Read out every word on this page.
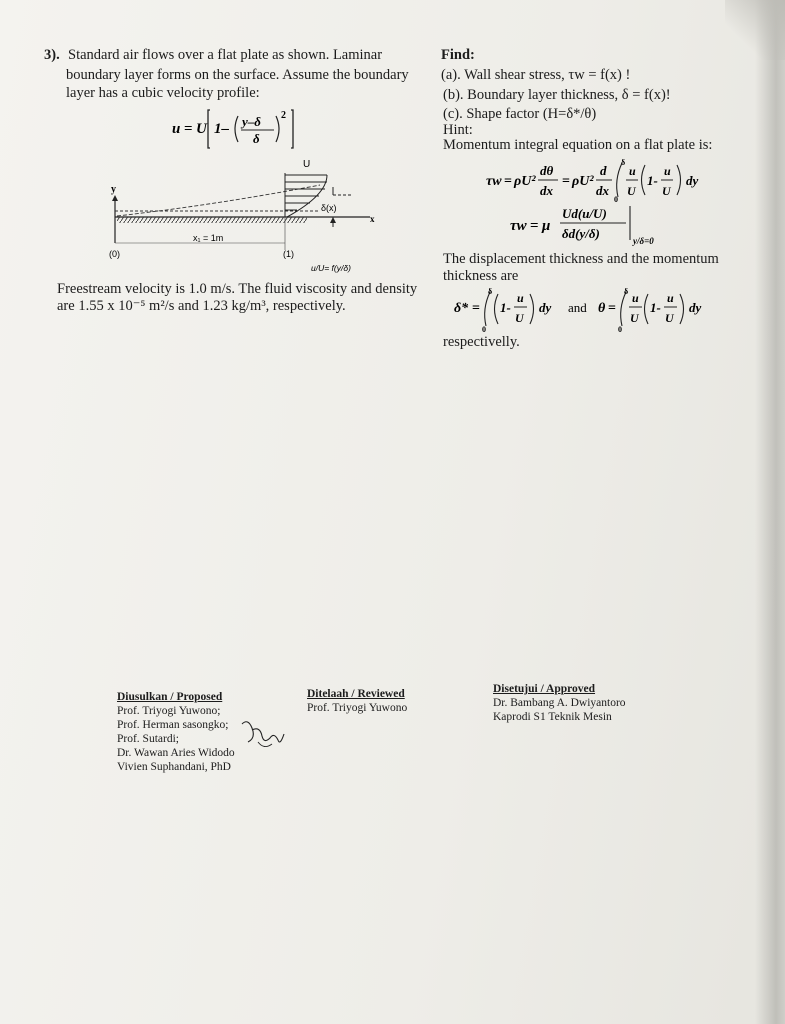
3). Standard air flows over a flat plate as shown. Laminar
boundary layer forms on the surface. Assume the boundary
layer has a cubic velocity profile:
u = U 1– y–δ
δ
2
U
y
δ(x)
x
x₁ = 1m
(0)	(1)
u/U= f(y/δ)
Freestream velocity is 1.0 m/s. The fluid viscosity and density
are 1.55 x 10⁻⁵ m²/s and 1.23 kg/m³, respectively.
Find:
(a). Wall shear stress, τw = f(x) !
(b). Boundary layer thickness, δ = f(x)!
(c). Shape factor (H=δ*/θ)
Hint:
Momentum integral equation on a flat plate is:
τw = ρU²
dθ
dx
= ρU²
d
dx
δ
0
u
U
1-
u
U
dy
τw = μ
Ud(u/U)
δd(y/δ)	y/δ=0
The displacement thickness and the momentum
thickness are
δ* =
δ
0
1-
u
U
dy and θ =
δ
0
u
U
1-
u
U
dy
respectivelly.
Diusulkan / Proposed
Prof. Triyogi Yuwono;
Prof. Herman sasongko;
Prof. Sutardi;
Dr. Wawan Aries Widodo
Vivien Suphandani, PhD
Ditelaah / Reviewed
Prof. Triyogi Yuwono
Disetujui / Approved
Dr. Bambang A. Dwiyantoro
Kaprodi S1 Teknik Mesin
